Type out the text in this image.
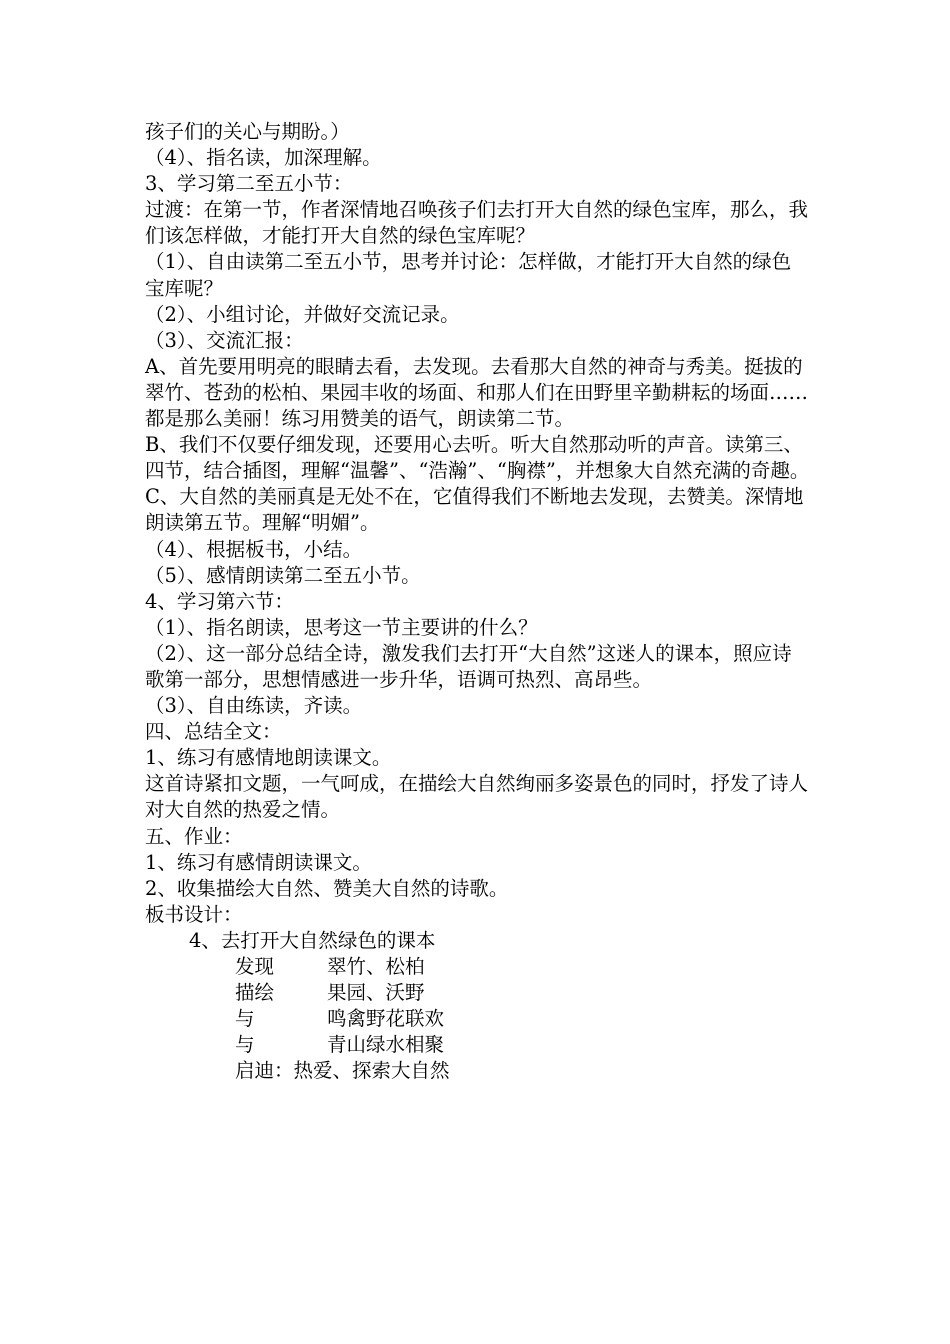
孩子们的关心与期盼。）

（4）、指名读，加深理解。

3、学习第二至五小节：

过渡：在第一节，作者深情地召唤孩子们去打开大自然的绿色宝库，那么，我们该怎样做，才能打开大自然的绿色宝库呢？

（1）、自由读第二至五小节，思考并讨论：怎样做，才能打开大自然的绿色宝库呢？

（2）、小组讨论，并做好交流记录。

（3）、交流汇报：

A、首先要用明亮的眼睛去看，去发现。去看那大自然的神奇与秀美。挺拔的翠竹、苍劲的松柏、果园丰收的场面、和那人们在田野里辛勤耕耘的场面……都是那么美丽！练习用赞美的语气，朗读第二节。

B、我们不仅要仔细发现，还要用心去听。听大自然那动听的声音。读第三、四节，结合插图，理解“温馨”、“浩瀚”、“胸襟”，并想象大自然充满的奇趣。

C、大自然的美丽真是无处不在，它值得我们不断地去发现，去赞美。深情地朗读第五节。理解“明媚”。

（4）、根据板书，小结。

（5）、感情朗读第二至五小节。

4、学习第六节：

（1）、指名朗读，思考这一节主要讲的什么？

（2）、这一部分总结全诗，激发我们去打开“大自然”这迷人的课本，照应诗歌第一部分，思想情感进一步升华，语调可热烈、高昂些。

（3）、自由练读，齐读。

四、总结全文：

1、练习有感情地朗读课文。

这首诗紧扣文题，一气呵成，在描绘大自然绚丽多姿景色的同时，抒发了诗人对大自然的热爱之情。

五、作业：

1、练习有感情朗读课文。

2、收集描绘大自然、赞美大自然的诗歌。

板书设计：

4、去打开大自然绿色的课本

发现	翠竹、松柏
描绘	果园、沃野
与	鸣禽野花联欢
与	青山绿水相聚
启迪：热爱、探索大自然
